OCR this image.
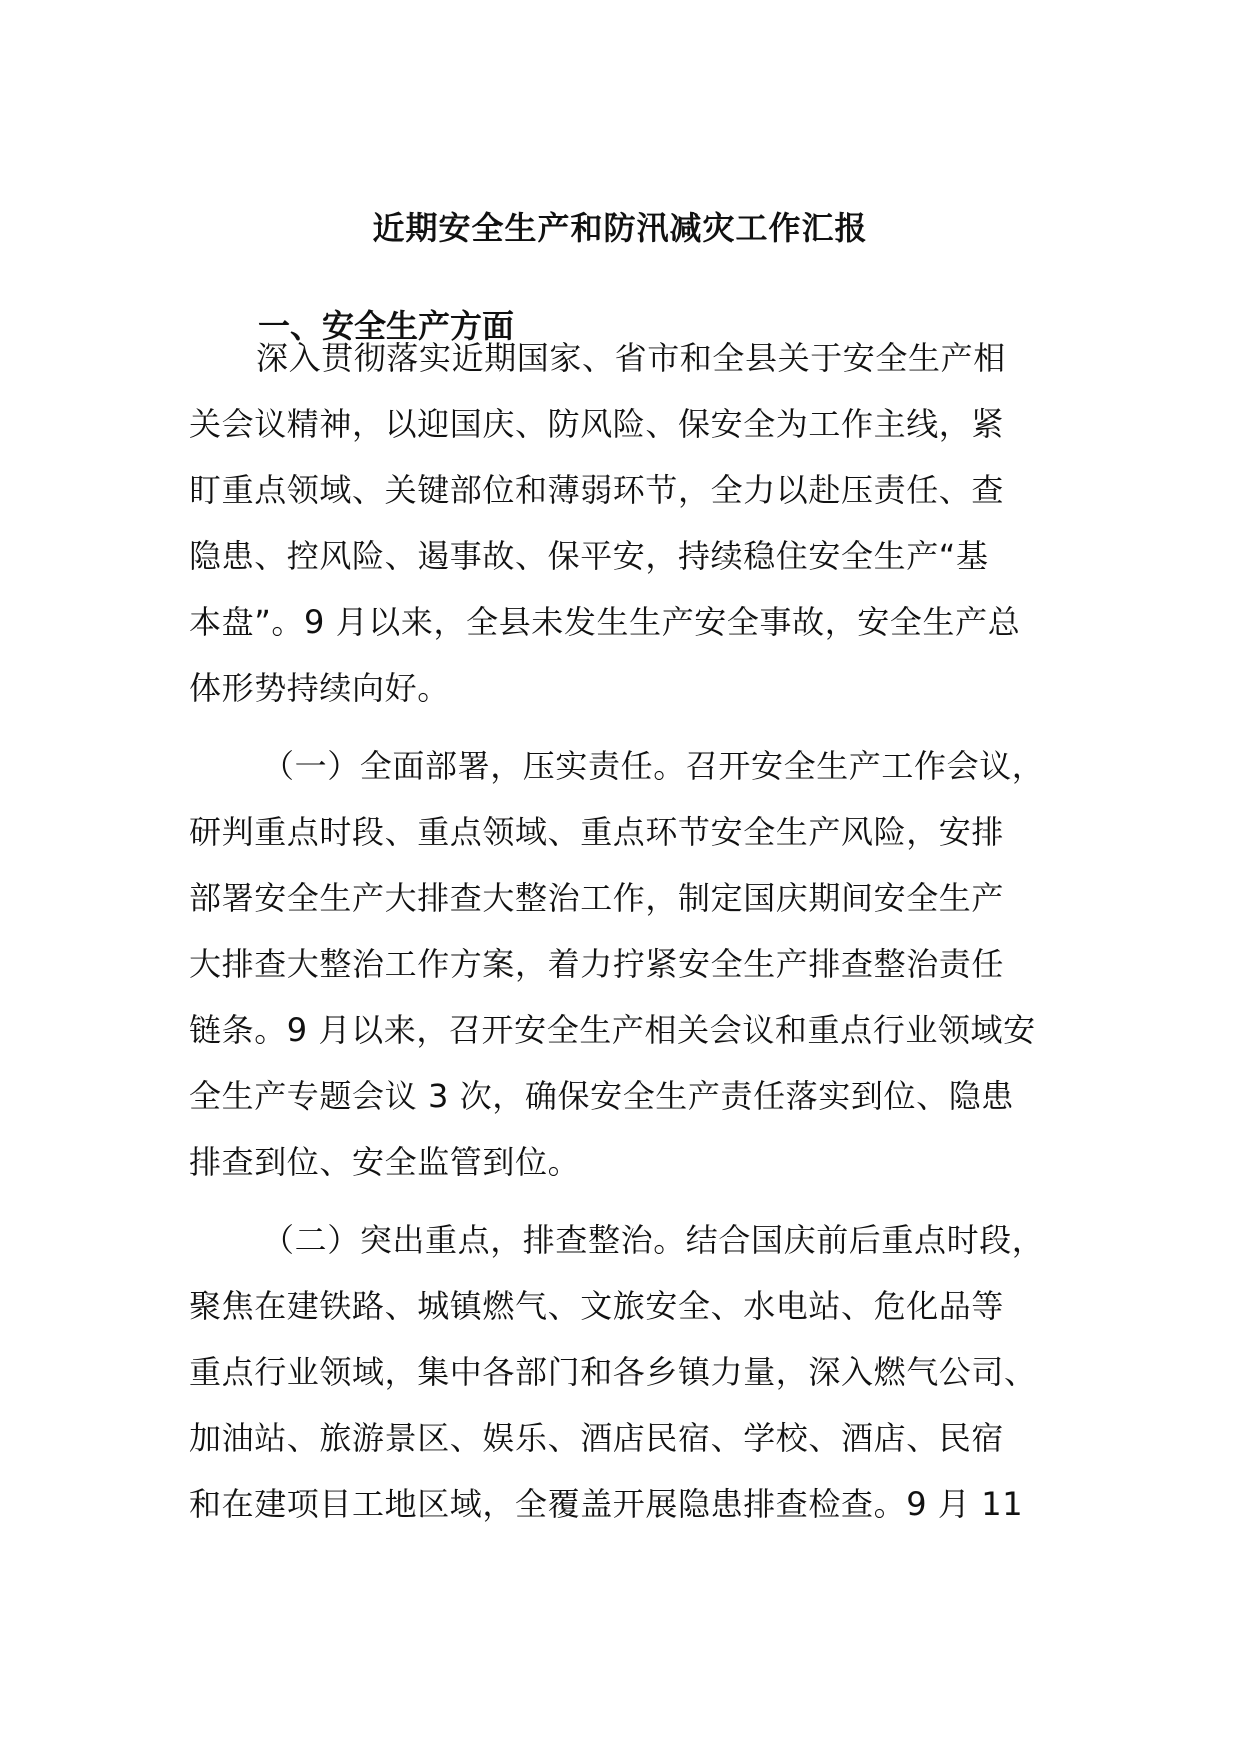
近期安全生产和防汛减灾工作汇报
一、安全生产方面
深入贯彻落实近期国家、省市和全县关于安全生产相
关会议精神，以迎国庆、防风险、保安全为工作主线，紧
盯重点领域、关键部位和薄弱环节，全力以赴压责任、查
隐患、控风险、遏事故、保平安，持续稳住安全生产“基
本盘”。9 月以来，全县未发生生产安全事故，安全生产总
体形势持续向好。
（一）全面部署，压实责任。召开安全生产工作会议，
研判重点时段、重点领域、重点环节安全生产风险，安排
部署安全生产大排查大整治工作，制定国庆期间安全生产
大排查大整治工作方案，着力拧紧安全生产排查整治责任
链条。9 月以来，召开安全生产相关会议和重点行业领域安
全生产专题会议 3 次，确保安全生产责任落实到位、隐患
排查到位、安全监管到位。
（二）突出重点，排查整治。结合国庆前后重点时段，
聚焦在建铁路、城镇燃气、文旅安全、水电站、危化品等
重点行业领域，集中各部门和各乡镇力量，深入燃气公司、
加油站、旅游景区、娱乐、酒店民宿、学校、酒店、民宿
和在建项目工地区域，全覆盖开展隐患排查检查。9 月 11
